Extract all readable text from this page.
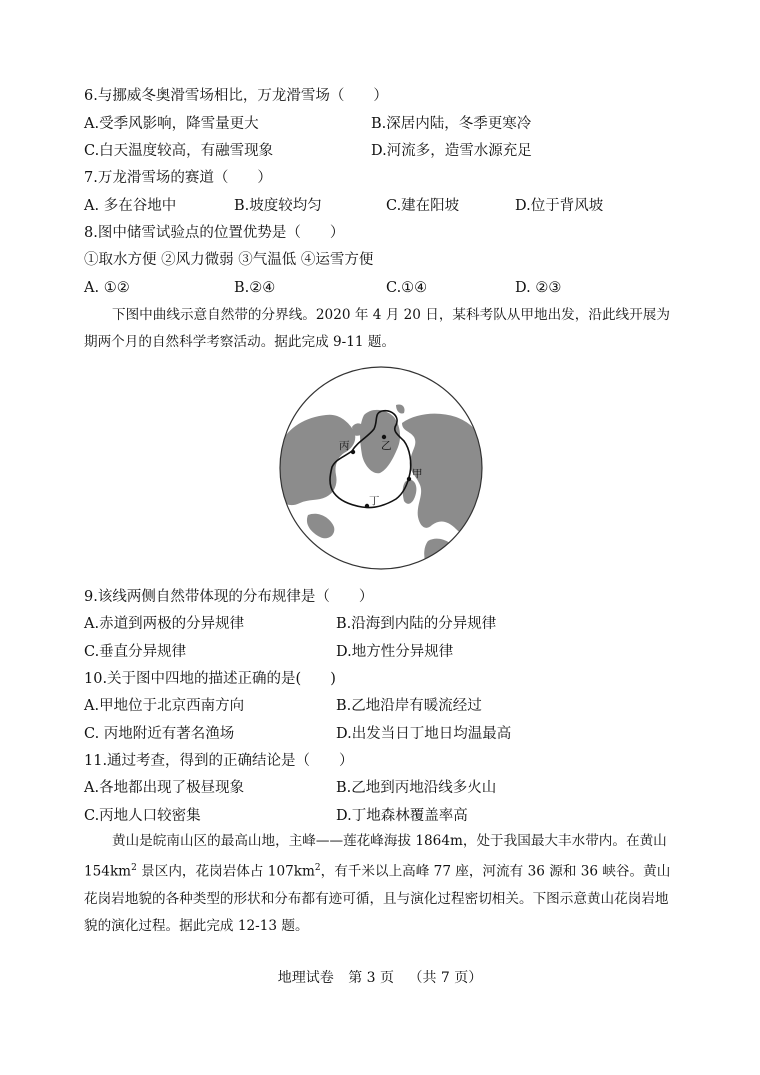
6.与挪威冬奥滑雪场相比，万龙滑雪场（　　）
A.受季风影响，降雪量更大	B.深居内陆，冬季更寒冷
C.白天温度较高，有融雪现象	D.河流多，造雪水源充足
7.万龙滑雪场的赛道（　　）
A. 多在谷地中	B.坡度较均匀	C.建在阳坡	D.位于背风坡
8.图中储雪试验点的位置优势是（　　）
①取水方便 ②风力微弱 ③气温低 ④运雪方便
A. ①②	B.②④	C.①④	D. ②③
下图中曲线示意自然带的分界线。2020 年 4 月 20 日，某科考队从甲地出发，沿此线开展为期两个月的自然科学考察活动。据此完成 9-11 题。
丙	乙
甲
丁
9.该线两侧自然带体现的分布规律是（　　）
A.赤道到两极的分异规律	B.沿海到内陆的分异规律
C.垂直分异规律	D.地方性分异规律
10.关于图中四地的描述正确的是(　　)
A.甲地位于北京西南方向	B.乙地沿岸有暖流经过
C. 丙地附近有著名渔场	D.出发当日丁地日均温最高
11.通过考查，得到的正确结论是（　　）
A.各地都出现了极昼现象	B.乙地到丙地沿线多火山
C.丙地人口较密集	D.丁地森林覆盖率高
黄山是皖南山区的最高山地，主峰——莲花峰海拔 1864m，处于我国最大丰水带内。在黄山 $154km^2$ 景区内，花岗岩体占 $107km^2$，有千米以上高峰 77 座，河流有 36 源和 36 峡谷。黄山花岗岩地貌的各种类型的形状和分布都有迹可循，且与演化过程密切相关。下图示意黄山花岗岩地貌的演化过程。据此完成 12-13 题。
地理试卷 第 3 页 （共 7 页）
